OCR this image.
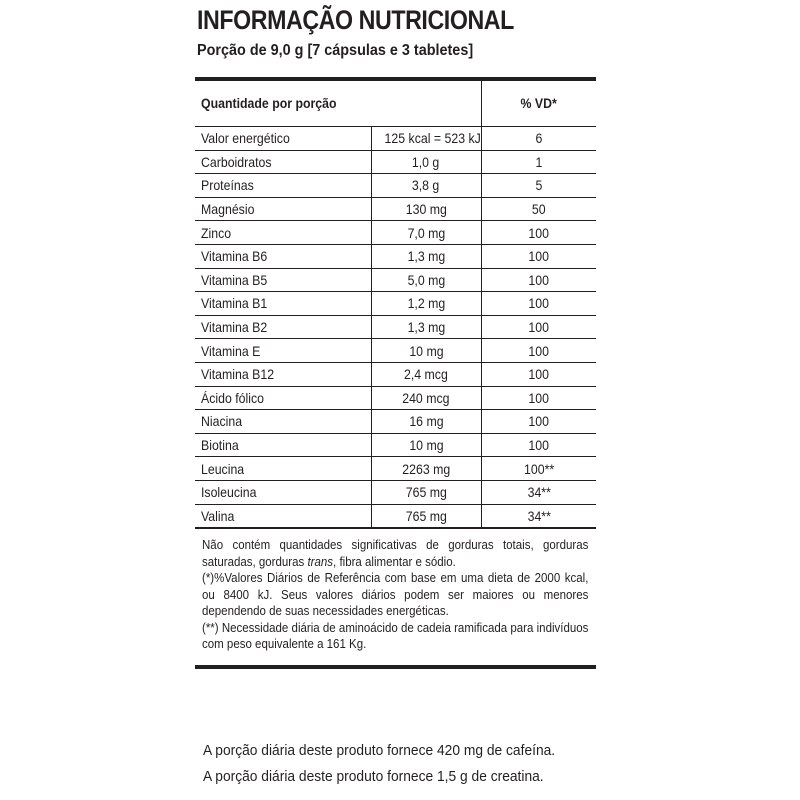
INFORMAÇÃO NUTRICIONAL
Porção de 9,0 g [7 cápsulas e 3 tabletes]
Quantidade por porção		% VD*
Valor energético	125 kcal = 523 kJ	6
Carboidratos	1,0 g	1
Proteínas	3,8 g	5
Magnésio	130 mg	50
Zinco	7,0 mg	100
Vitamina B6	1,3 mg	100
Vitamina B5	5,0 mg	100
Vitamina B1	1,2 mg	100
Vitamina B2	1,3 mg	100
Vitamina E	10 mg	100
Vitamina B12	2,4 mcg	100
Ácido fólico	240 mcg	100
Niacina	16 mg	100
Biotina	10 mg	100
Leucina	2263 mg	100**
Isoleucina	765 mg	34**
Valina	765 mg	34**

Não contém quantidades significativas de gorduras totais, gorduras saturadas, gorduras trans, fibra alimentar e sódio.

(*)%Valores Diários de Referência com base em uma dieta de 2000 kcal, ou 8400 kJ. Seus valores diários podem ser maiores ou menores dependendo de suas necessidades energéticas.

(**) Necessidade diária de aminoácido de cadeia ramificada para indivíduos com peso equivalente a 161 Kg.

A porção diária deste produto fornece 420 mg de cafeína.
A porção diária deste produto fornece 1,5 g de creatina.
